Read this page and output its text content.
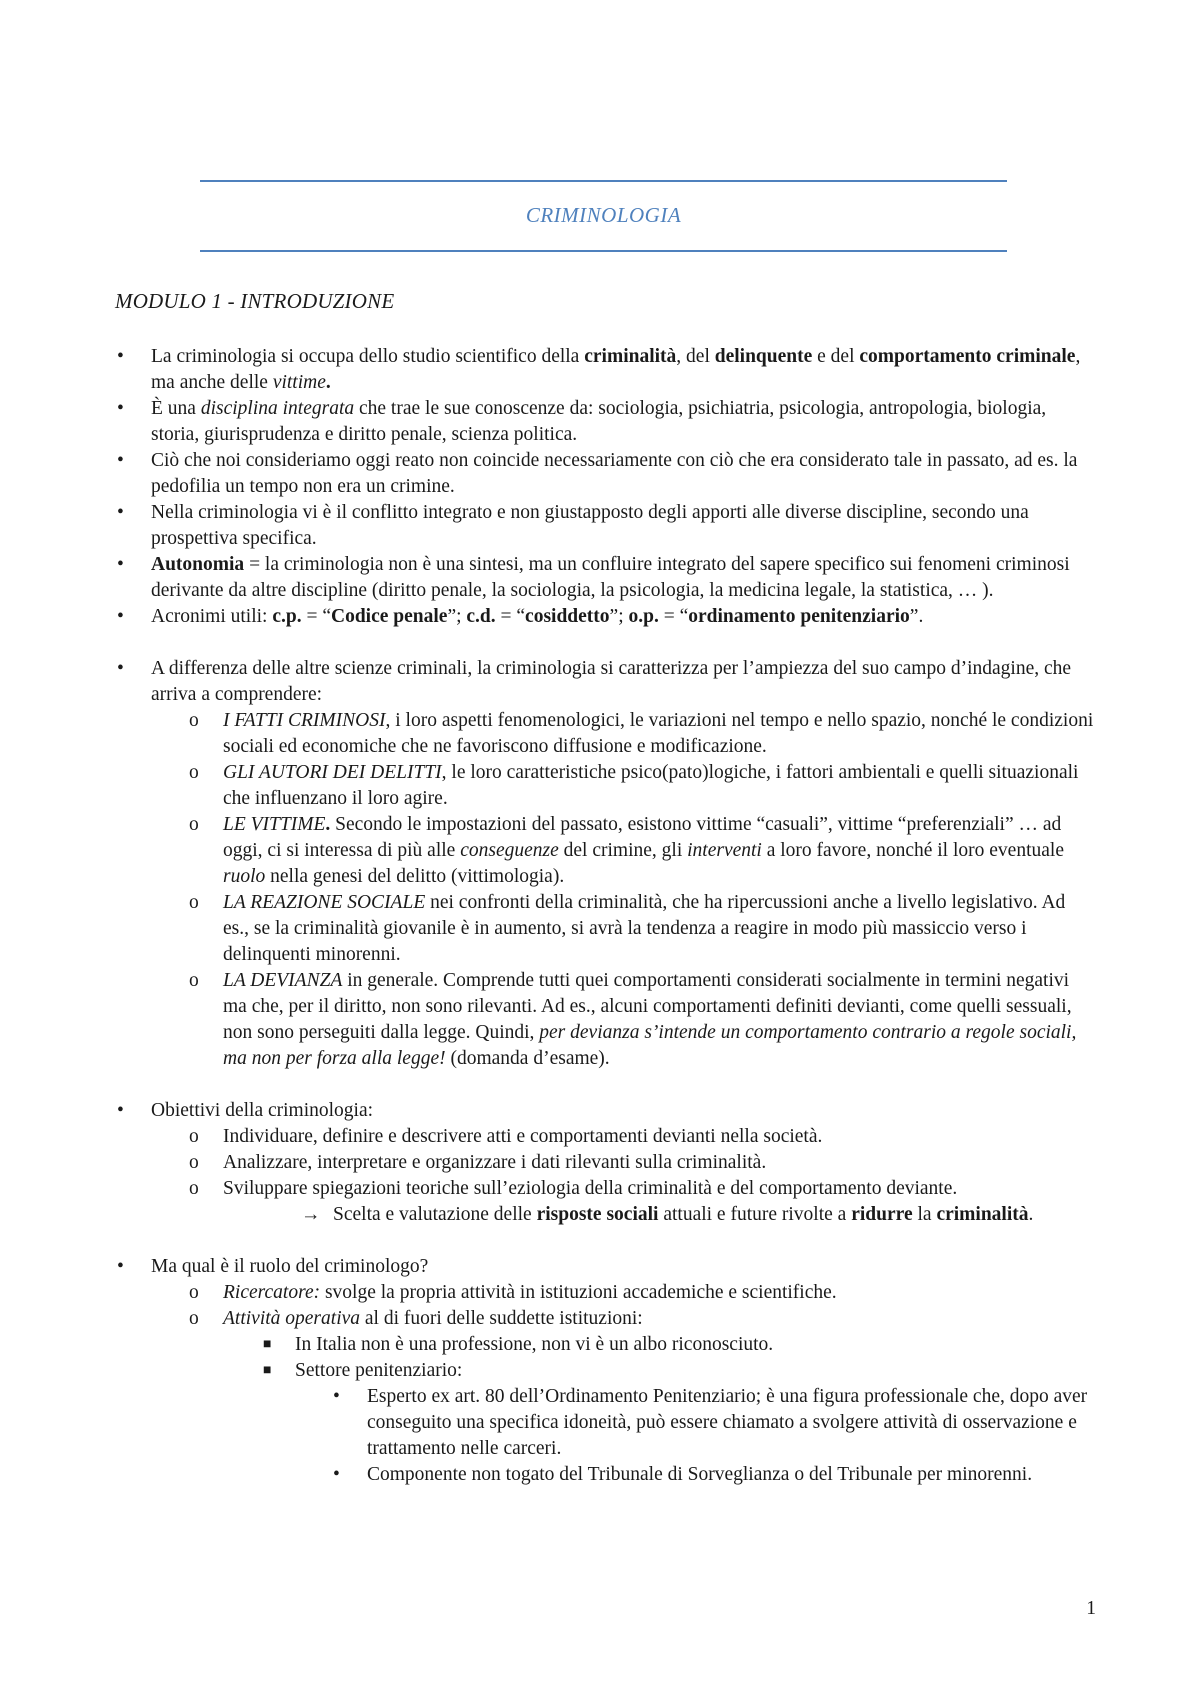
CRIMINOLOGIA
MODULO 1 - INTRODUZIONE
• La criminologia si occupa dello studio scientifico della criminalità, del delinquente e del comportamento criminale, ma anche delle vittime.
• È una disciplina integrata che trae le sue conoscenze da: sociologia, psichiatria, psicologia, antropologia, biologia, storia, giurisprudenza e diritto penale, scienza politica.
• Ciò che noi consideriamo oggi reato non coincide necessariamente con ciò che era considerato tale in passato, ad es. la pedofilia un tempo non era un crimine.
• Nella criminologia vi è il conflitto integrato e non giustapposto degli apporti alle diverse discipline, secondo una prospettiva specifica.
• Autonomia = la criminologia non è una sintesi, ma un confluire integrato del sapere specifico sui fenomeni criminosi derivante da altre discipline (diritto penale, la sociologia, la psicologia, la medicina legale, la statistica, … ).
• Acronimi utili: c.p. = “Codice penale”; c.d. = “cosiddetto”; o.p. = “ordinamento penitenziario”.
• A differenza delle altre scienze criminali, la criminologia si caratterizza per l’ampiezza del suo campo d’indagine, che arriva a comprendere:
o I FATTI CRIMINOSI, i loro aspetti fenomenologici, le variazioni nel tempo e nello spazio, nonché le condizioni sociali ed economiche che ne favoriscono diffusione e modificazione.
o GLI AUTORI DEI DELITTI, le loro caratteristiche psico(pato)logiche, i fattori ambientali e quelli situazionali che influenzano il loro agire.
o LE VITTIME. Secondo le impostazioni del passato, esistono vittime “casuali”, vittime “preferenziali” … ad oggi, ci si interessa di più alle conseguenze del crimine, gli interventi a loro favore, nonché il loro eventuale ruolo nella genesi del delitto (vittimologia).
o LA REAZIONE SOCIALE nei confronti della criminalità, che ha ripercussioni anche a livello legislativo. Ad es., se la criminalità giovanile è in aumento, si avrà la tendenza a reagire in modo più massiccio verso i delinquenti minorenni.
o LA DEVIANZA in generale. Comprende tutti quei comportamenti considerati socialmente in termini negativi ma che, per il diritto, non sono rilevanti. Ad es., alcuni comportamenti definiti devianti, come quelli sessuali, non sono perseguiti dalla legge. Quindi, per devianza s’intende un comportamento contrario a regole sociali, ma non per forza alla legge! (domanda d’esame).
• Obiettivi della criminologia:
o Individuare, definire e descrivere atti e comportamenti devianti nella società.
o Analizzare, interpretare e organizzare i dati rilevanti sulla criminalità.
o Sviluppare spiegazioni teoriche sull’eziologia della criminalità e del comportamento deviante.
→ Scelta e valutazione delle risposte sociali attuali e future rivolte a ridurre la criminalità.
• Ma qual è il ruolo del criminologo?
o Ricercatore: svolge la propria attività in istituzioni accademiche e scientifiche.
o Attività operativa al di fuori delle suddette istituzioni:
■ In Italia non è una professione, non vi è un albo riconosciuto.
■ Settore penitenziario:
• Esperto ex art. 80 dell’Ordinamento Penitenziario; è una figura professionale che, dopo aver conseguito una specifica idoneità, può essere chiamato a svolgere attività di osservazione e trattamento nelle carceri.
• Componente non togato del Tribunale di Sorveglianza o del Tribunale per minorenni.
1
